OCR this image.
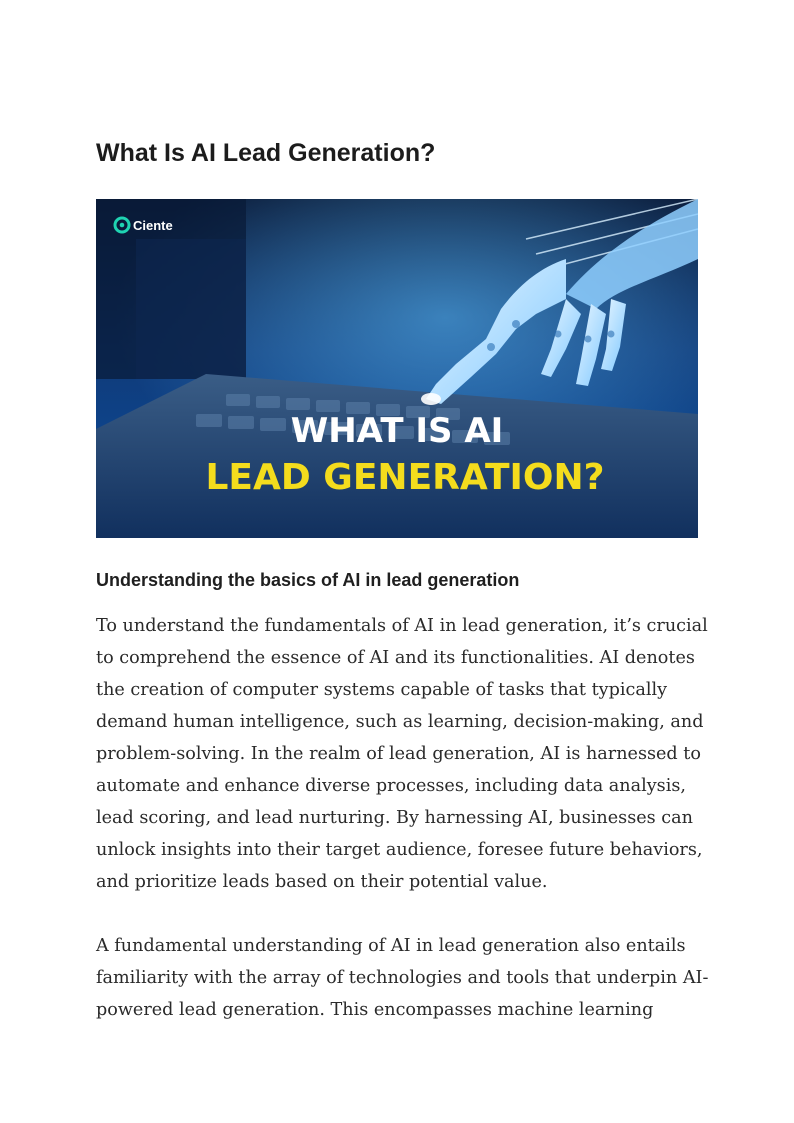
What Is AI Lead Generation?
Ciente
WHAT IS AI
LEAD GENERATION?
Understanding the basics of AI in lead generation

To understand the fundamentals of AI in lead generation, it’s crucial
to comprehend the essence of AI and its functionalities. AI denotes
the creation of computer systems capable of tasks that typically
demand human intelligence, such as learning, decision-making, and
problem-solving. In the realm of lead generation, AI is harnessed to
automate and enhance diverse processes, including data analysis,
lead scoring, and lead nurturing. By harnessing AI, businesses can
unlock insights into their target audience, foresee future behaviors,
and prioritize leads based on their potential value.

A fundamental understanding of AI in lead generation also entails
familiarity with the array of technologies and tools that underpin AI-
powered lead generation. This encompasses machine learning
